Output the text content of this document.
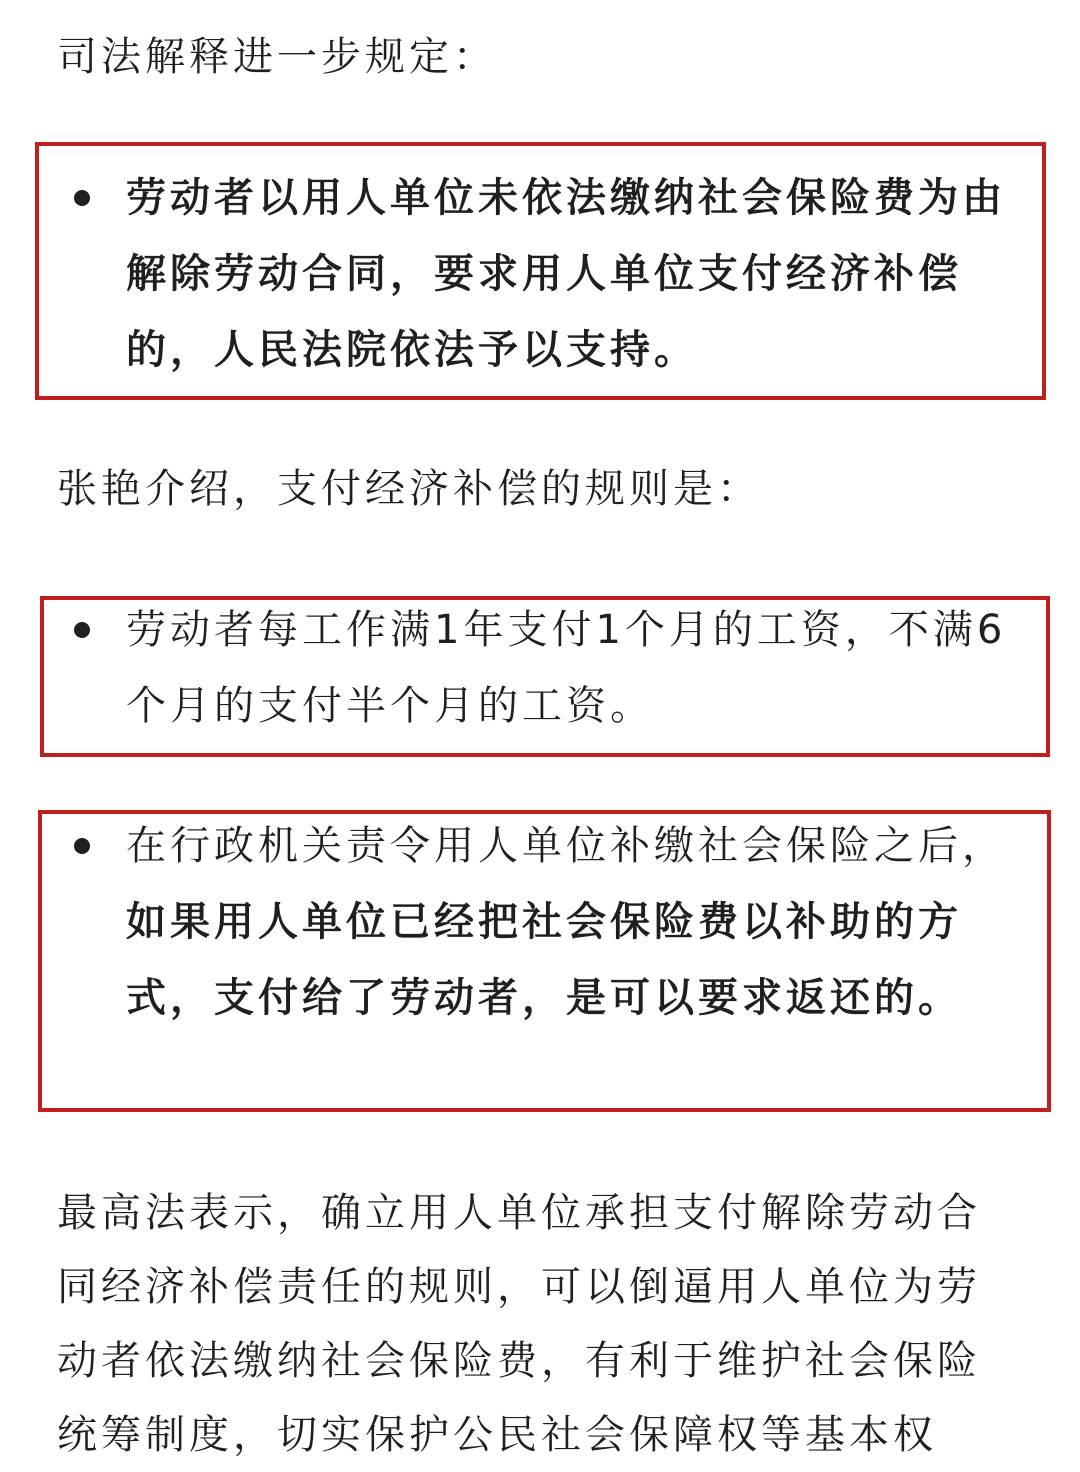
司法解释进一步规定：

劳动者以用人单位未依法缴纳社会保险费为由解除劳动合同，要求用人单位支付经济补偿的，人民法院依法予以支持。

张艳介绍，支付经济补偿的规则是：

劳动者每工作满1年支付1个月的工资，不满6个月的支付半个月的工资。

在行政机关责令用人单位补缴社会保险之后，如果用人单位已经把社会保险费以补助的方式，支付给了劳动者，是可以要求返还的。

最高法表示，确立用人单位承担支付解除劳动合同经济补偿责任的规则，可以倒逼用人单位为劳动者依法缴纳社会保险费，有利于维护社会保险统筹制度，切实保护公民社会保障权等基本权
